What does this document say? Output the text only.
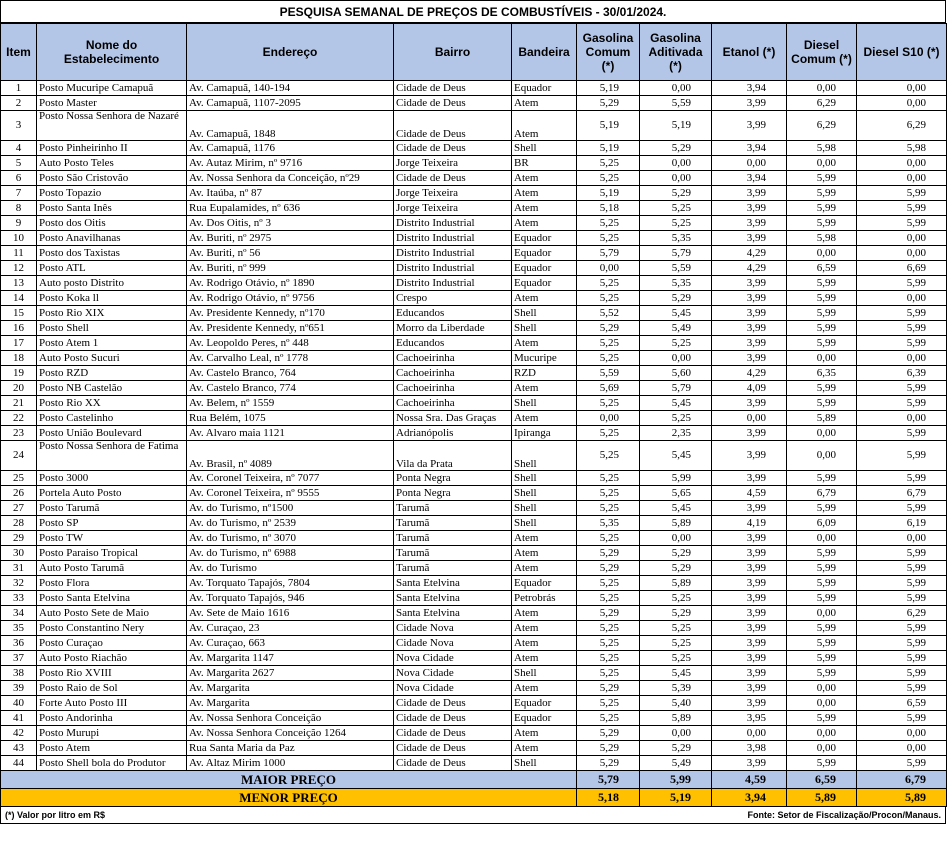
PESQUISA SEMANAL DE PREÇOS DE COMBUSTÍVEIS - 30/01/2024.
Item	Nome do Estabelecimento	Endereço	Bairro	Bandeira	Gasolina Comum (*)	Gasolina Aditivada (*)	Etanol (*)	Diesel Comum (*)	Diesel S10 (*)
1	Posto Mucuripe Camapuã	Av. Camapuã, 140-194	Cidade de Deus	Equador	5,19	0,00	3,94	0,00	0,00
2	Posto Master	Av. Camapuã, 1107-2095	Cidade de Deus	Atem	5,29	5,59	3,99	6,29	0,00
3	Posto Nossa Senhora de Nazaré	Av. Camapuã, 1848	Cidade de Deus	Atem	5,19	5,19	3,99	6,29	6,29
4	Posto Pinheirinho II	Av. Camapuã, 1176	Cidade de Deus	Shell	5,19	5,29	3,94	5,98	5,98
5	Auto Posto Teles	Av. Autaz Mirim, nº 9716	Jorge Teixeira	BR	5,25	0,00	0,00	0,00	0,00
6	Posto São Cristovão	Av. Nossa Senhora da Conceição, nº29	Cidade de Deus	Atem	5,25	0,00	3,94	5,99	0,00
7	Posto Topazio	Av. Itaúba, nº 87	Jorge Teixeira	Atem	5,19	5,29	3,99	5,99	5,99
8	Posto Santa Inês	Rua Eupalamides, nº 636	Jorge Teixeira	Atem	5,18	5,25	3,99	5,99	5,99
9	Posto dos Oitis	Av. Dos Oitis, nº 3	Distrito Industrial	Atem	5,25	5,25	3,99	5,99	5,99
10	Posto Anavilhanas	Av. Buriti, nº 2975	Distrito Industrial	Equador	5,25	5,35	3,99	5,98	0,00
11	Posto dos Taxistas	Av. Buriti, nº 56	Distrito Industrial	Equador	5,79	5,79	4,29	0,00	0,00
12	Posto ATL	Av. Buriti, nº 999	Distrito Industrial	Equador	0,00	5,59	4,29	6,59	6,69
13	Auto posto Distrito	Av. Rodrigo Otávio, nº 1890	Distrito Industrial	Equador	5,25	5,35	3,99	5,99	5,99
14	Posto Koka ll	Av. Rodrigo Otávio, nº 9756	Crespo	Atem	5,25	5,29	3,99	5,99	0,00
15	Posto Rio XIX	Av. Presidente Kennedy, nº170	Educandos	Shell	5,52	5,45	3,99	5,99	5,99
16	Posto Shell	Av. Presidente Kennedy, nº651	Morro da Liberdade	Shell	5,29	5,49	3,99	5,99	5,99
17	Posto Atem 1	Av. Leopoldo Peres, nº 448	Educandos	Atem	5,25	5,25	3,99	5,99	5,99
18	Auto Posto Sucuri	Av. Carvalho Leal, nº 1778	Cachoeirinha	Mucuripe	5,25	0,00	3,99	0,00	0,00
19	Posto RZD	Av. Castelo Branco, 764	Cachoeirinha	RZD	5,59	5,60	4,29	6,35	6,39
20	Posto NB Castelão	Av. Castelo Branco, 774	Cachoeirinha	Atem	5,69	5,79	4,09	5,99	5,99
21	Posto Rio XX	Av. Belem, nº 1559	Cachoeirinha	Shell	5,25	5,45	3,99	5,99	5,99
22	Posto Castelinho	Rua Belém, 1075	Nossa Sra. Das Graças	Atem	0,00	5,25	0,00	5,89	0,00
23	Posto União Boulevard	Av. Alvaro maia 1121	Adrianópolis	Ipiranga	5,25	2,35	3,99	0,00	5,99
24	Posto Nossa Senhora de Fatima	Av. Brasil, nº 4089	Vila da Prata	Shell	5,25	5,45	3,99	0,00	5,99
25	Posto 3000	Av. Coronel Teixeira, nº 7077	Ponta Negra	Shell	5,25	5,99	3,99	5,99	5,99
26	Portela Auto Posto	Av. Coronel Teixeira, nº 9555	Ponta Negra	Shell	5,25	5,65	4,59	6,79	6,79
27	Posto Tarumã	Av. do Turismo, nº1500	Tarumã	Shell	5,25	5,45	3,99	5,99	5,99
28	Posto SP	Av. do Turismo, nº 2539	Tarumã	Shell	5,35	5,89	4,19	6,09	6,19
29	Posto TW	Av. do Turismo, nº 3070	Tarumã	Atem	5,25	0,00	3,99	0,00	0,00
30	Posto Paraiso Tropical	Av. do Turismo, nº 6988	Tarumã	Atem	5,29	5,29	3,99	5,99	5,99
31	Auto Posto Tarumã	Av. do Turismo	Tarumã	Atem	5,29	5,29	3,99	5,99	5,99
32	Posto Flora	Av. Torquato Tapajós, 7804	Santa Etelvina	Equador	5,25	5,89	3,99	5,99	5,99
33	Posto Santa Etelvina	Av. Torquato Tapajós, 946	Santa Etelvina	Petrobrás	5,25	5,25	3,99	5,99	5,99
34	Auto Posto Sete de Maio	Av. Sete de Maio 1616	Santa Etelvina	Atem	5,29	5,29	3,99	0,00	6,29
35	Posto Constantino Nery	Av. Curaçao, 23	Cidade Nova	Atem	5,25	5,25	3,99	5,99	5,99
36	Posto Curaçao	Av. Curaçao, 663	Cidade Nova	Atem	5,25	5,25	3,99	5,99	5,99
37	Auto Posto Riachão	Av. Margarita 1147	Nova Cidade	Atem	5,25	5,25	3,99	5,99	5,99
38	Posto Rio XVIII	Av. Margarita 2627	Nova Cidade	Shell	5,25	5,45	3,99	5,99	5,99
39	Posto Raio de Sol	Av. Margarita	Nova Cidade	Atem	5,29	5,39	3,99	0,00	5,99
40	Forte Auto Posto III	Av. Margarita	Cidade de Deus	Equador	5,25	5,40	3,99	0,00	6,59
41	Posto Andorinha	Av. Nossa Senhora Conceição	Cidade de Deus	Equador	5,25	5,89	3,95	5,99	5,99
42	Posto Murupi	Av. Nossa Senhora Conceição 1264	Cidade de Deus	Atem	5,29	0,00	0,00	0,00	0,00
43	Posto Atem	Rua Santa Maria da Paz	Cidade de Deus	Atem	5,29	5,29	3,98	0,00	0,00
44	Posto Shell bola do Produtor	Av. Altaz Mirim 1000	Cidade de Deus	Shell	5,29	5,49	3,99	5,99	5,99
MAIOR PREÇO					5,79	5,99	4,59	6,59	6,79
MENOR PREÇO					5,18	5,19	3,94	5,89	5,89
(*) Valor por litro em R$	Fonte: Setor de Fiscalização/Procon/Manaus.
